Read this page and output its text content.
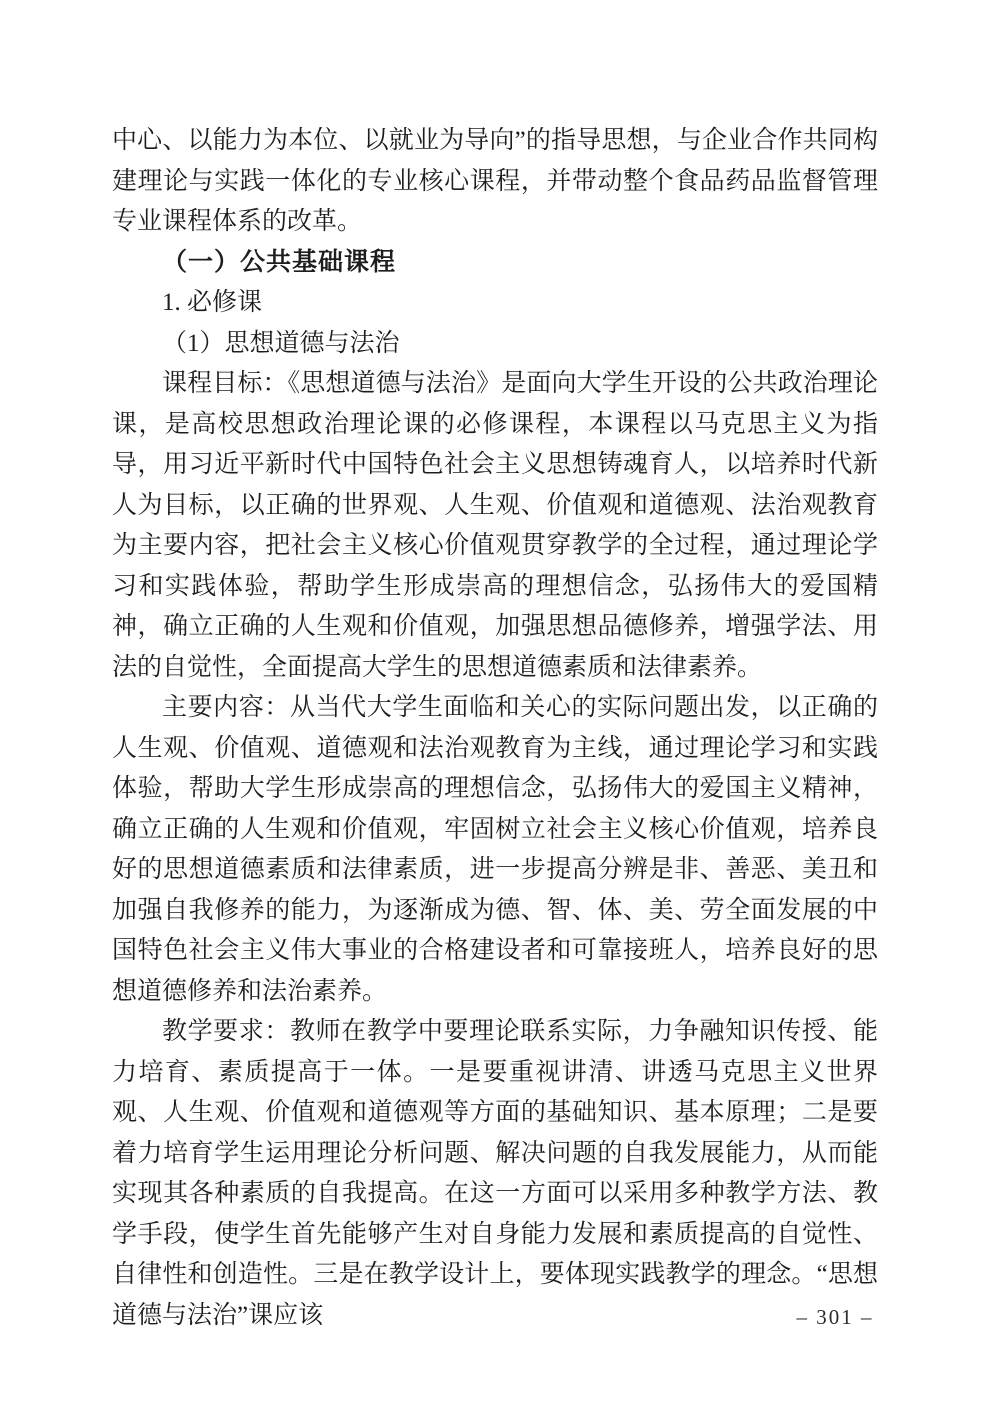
中心、以能力为本位、以就业为导向”的指导思想，与企业合作共同构建理论与实践一体化的专业核心课程，并带动整个食品药品监督管理专业课程体系的改革。

（一）公共基础课程

1. 必修课

（1）思想道德与法治

课程目标：《思想道德与法治》是面向大学生开设的公共政治理论课，是高校思想政治理论课的必修课程，本课程以马克思主义为指导，用习近平新时代中国特色社会主义思想铸魂育人，以培养时代新人为目标，以正确的世界观、人生观、价值观和道德观、法治观教育为主要内容，把社会主义核心价值观贯穿教学的全过程，通过理论学习和实践体验，帮助学生形成崇高的理想信念，弘扬伟大的爱国精神，确立正确的人生观和价值观，加强思想品德修养，增强学法、用法的自觉性，全面提高大学生的思想道德素质和法律素养。

主要内容：从当代大学生面临和关心的实际问题出发，以正确的人生观、价值观、道德观和法治观教育为主线，通过理论学习和实践体验，帮助大学生形成崇高的理想信念，弘扬伟大的爱国主义精神，确立正确的人生观和价值观，牢固树立社会主义核心价值观，培养良好的思想道德素质和法律素质，进一步提高分辨是非、善恶、美丑和加强自我修养的能力，为逐渐成为德、智、体、美、劳全面发展的中国特色社会主义伟大事业的合格建设者和可靠接班人，培养良好的思想道德修养和法治素养。

教学要求：教师在教学中要理论联系实际，力争融知识传授、能力培育、素质提高于一体。一是要重视讲清、讲透马克思主义世界观、人生观、价值观和道德观等方面的基础知识、基本原理；二是要着力培育学生运用理论分析问题、解决问题的自我发展能力，从而能实现其各种素质的自我提高。在这一方面可以采用多种教学方法、教学手段，使学生首先能够产生对自身能力发展和素质提高的自觉性、自律性和创造性。三是在教学设计上，要体现实践教学的理念。“思想道德与法治”课应该	– 301 –
